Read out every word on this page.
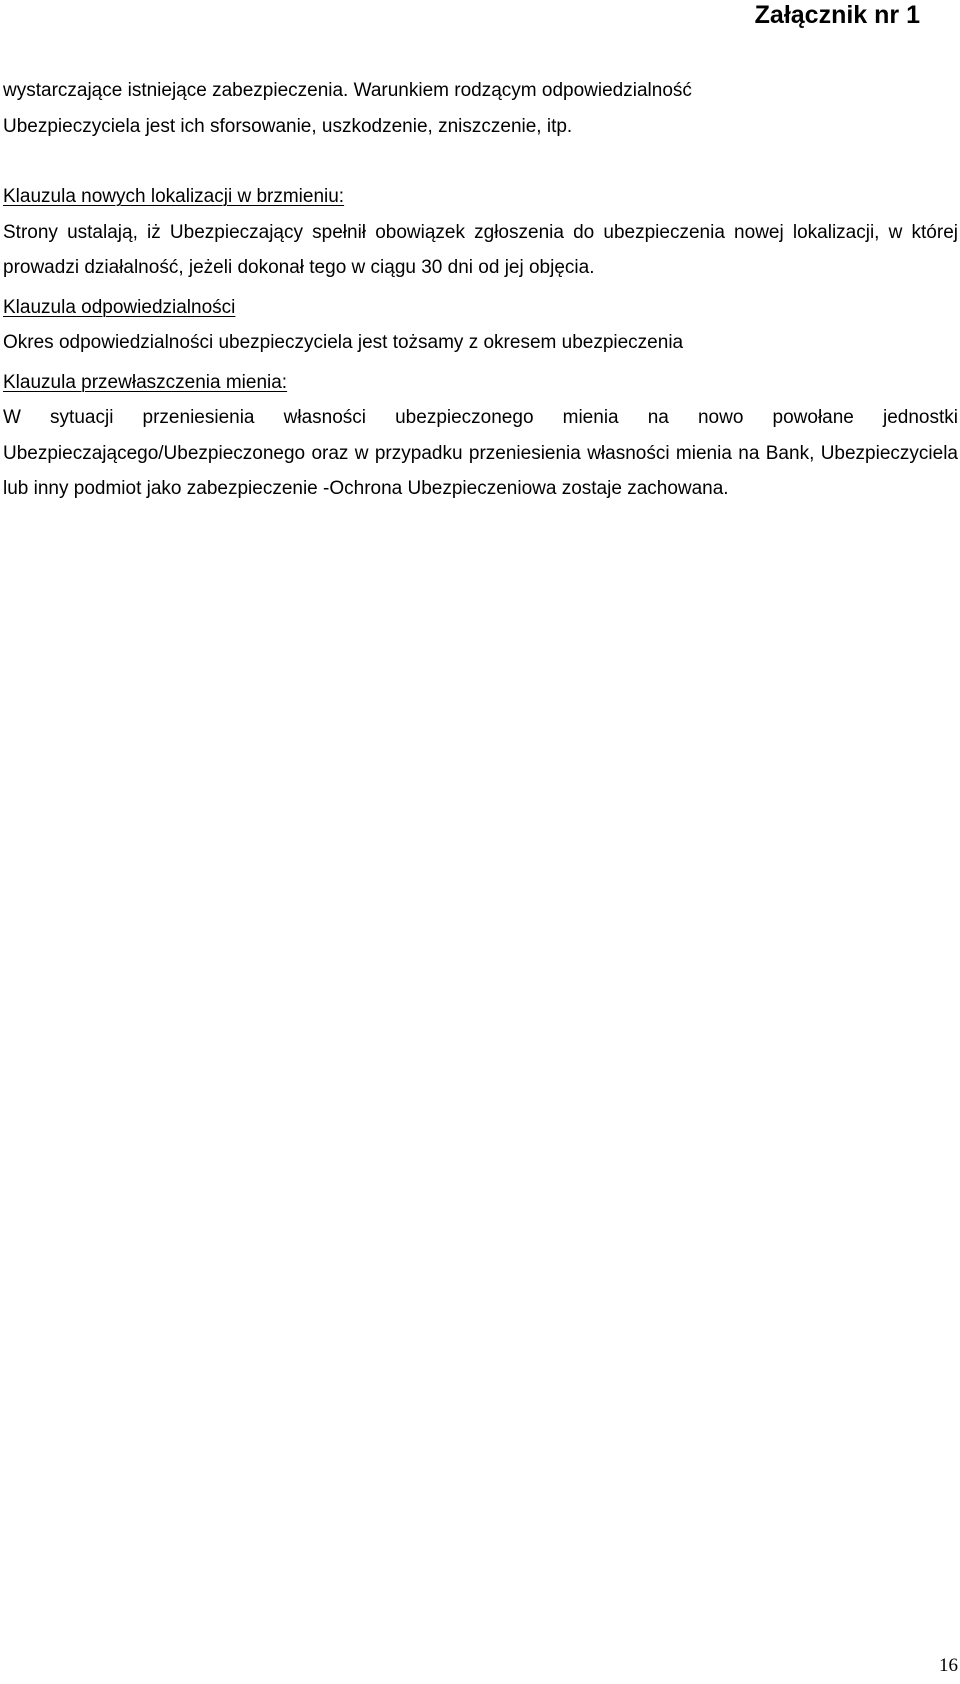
Załącznik nr 1

wystarczające istniejące zabezpieczenia. Warunkiem rodzącym odpowiedzialność

Ubezpieczyciela jest ich sforsowanie, uszkodzenie, zniszczenie, itp.

Klauzula nowych lokalizacji w brzmieniu:

Strony ustalają, iż Ubezpieczający spełnił obowiązek zgłoszenia do ubezpieczenia nowej lokalizacji, w której prowadzi działalność, jeżeli dokonał tego w ciągu 30 dni od jej objęcia.

Klauzula odpowiedzialności

Okres odpowiedzialności ubezpieczyciela jest tożsamy z okresem ubezpieczenia

Klauzula przewłaszczenia mienia:

W sytuacji przeniesienia własności ubezpieczonego mienia na nowo powołane jednostki Ubezpieczającego/Ubezpieczonego oraz w przypadku przeniesienia własności mienia na Bank, Ubezpieczyciela lub inny podmiot jako zabezpieczenie -Ochrona Ubezpieczeniowa zostaje zachowana.

16
